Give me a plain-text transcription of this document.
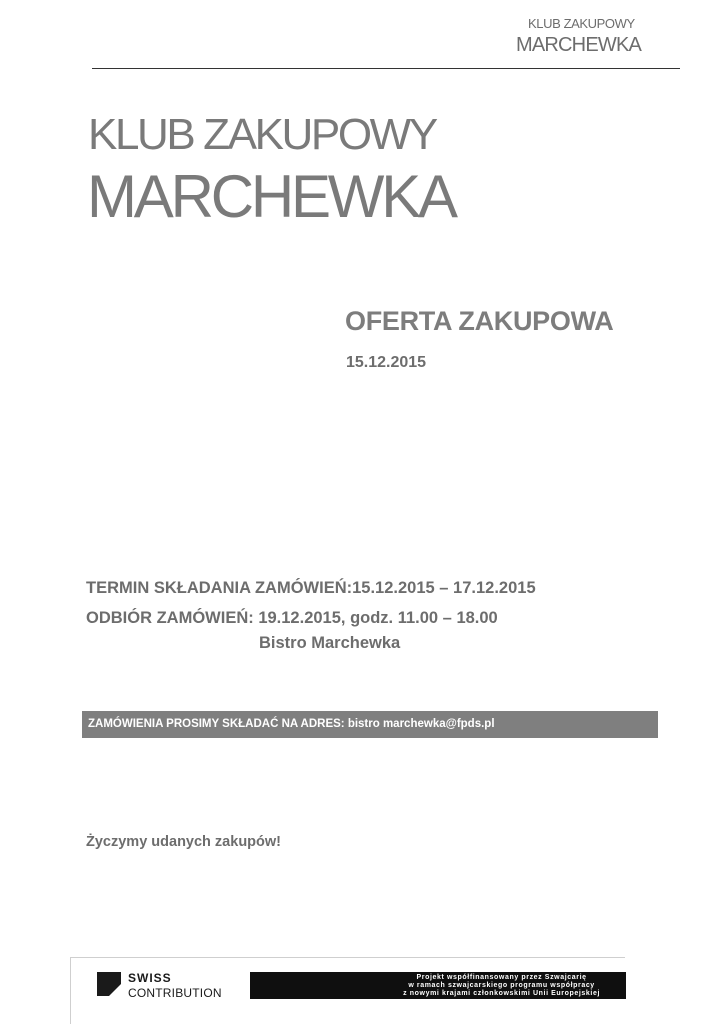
KLUB ZAKUPOWY
MARCHEWKA
KLUB ZAKUPOWY
MARCHEWKA
OFERTA ZAKUPOWA
15.12.2015
TERMIN SKŁADANIA ZAMÓWIEŃ:15.12.2015 – 17.12.2015
ODBIÓR ZAMÓWIEŃ: 19.12.2015, godz. 11.00 – 18.00
Bistro Marchewka
ZAMÓWIENIA PROSIMY SKŁADAĆ NA ADRES: bistro marchewka@fpds.pl
Życzymy udanych zakupów!
SWISS
CONTRIBUTION
Projekt współfinansowany przez Szwajcarię
w ramach szwajcarskiego programu współpracy
z nowymi krajami członkowskimi Unii Europejskiej
